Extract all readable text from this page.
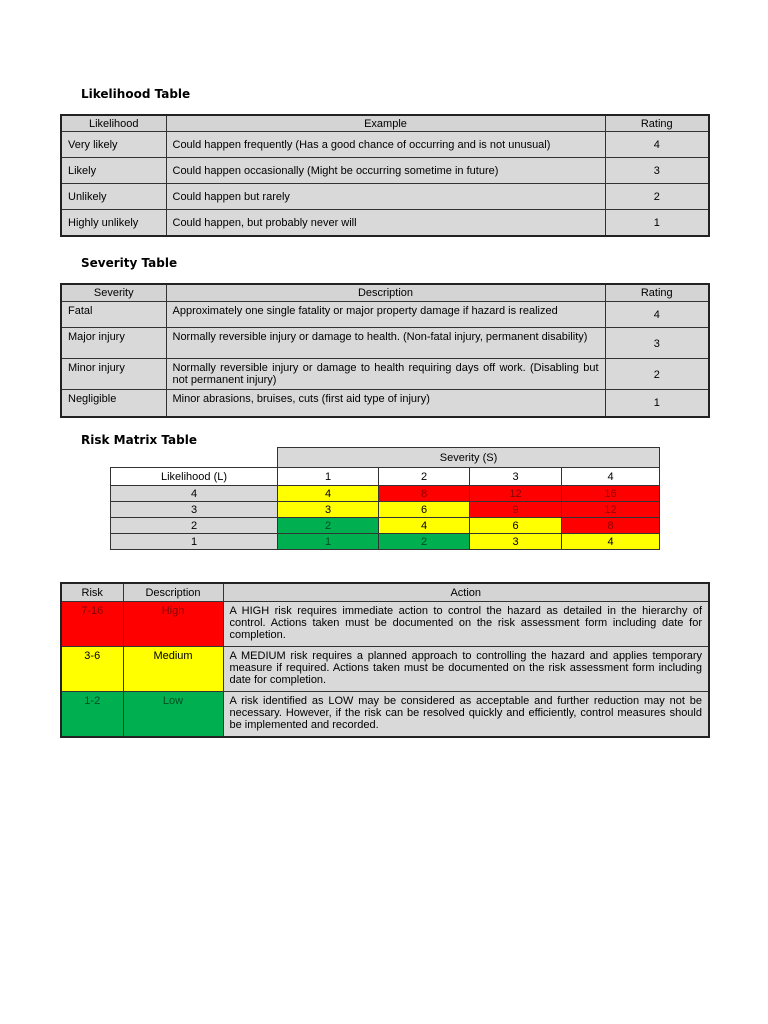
Likelihood Table
Likelihood	Example	Rating
Very likely	Could happen frequently (Has a good chance of occurring and is not unusual)	4
Likely	Could happen occasionally (Might be occurring sometime in future)	3
Unlikely	Could happen but rarely	2
Highly unlikely	Could happen, but probably never will	1
Severity Table
Severity	Description	Rating
Fatal	Approximately one single fatality or major property damage if hazard is realized	4
Major injury	Normally reversible injury or damage to health. (Non-fatal injury, permanent disability)	3
Minor injury	Normally reversible injury or damage to health requiring days off work. (Disabling but not permanent injury)	2
Negligible	Minor abrasions, bruises, cuts (first aid type of injury)	1
Risk Matrix Table
	Severity (S)			
Likelihood (L)	1	2	3	4
4	4	8	12	16
3	3	6	9	12
2	2	4	6	8
1	1	2	3	4
Risk	Description	Action
7-16	High	A HIGH risk requires immediate action to control the hazard as detailed in the hierarchy of control. Actions taken must be documented on the risk assessment form including date for completion.
3-6	Medium	A MEDIUM risk requires a planned approach to controlling the hazard and applies temporary measure if required. Actions taken must be documented on the risk assessment form including date for completion.
1-2	Low	A risk identified as LOW may be considered as acceptable and further reduction may not be necessary. However, if the risk can be resolved quickly and efficiently, control measures should be implemented and recorded.
